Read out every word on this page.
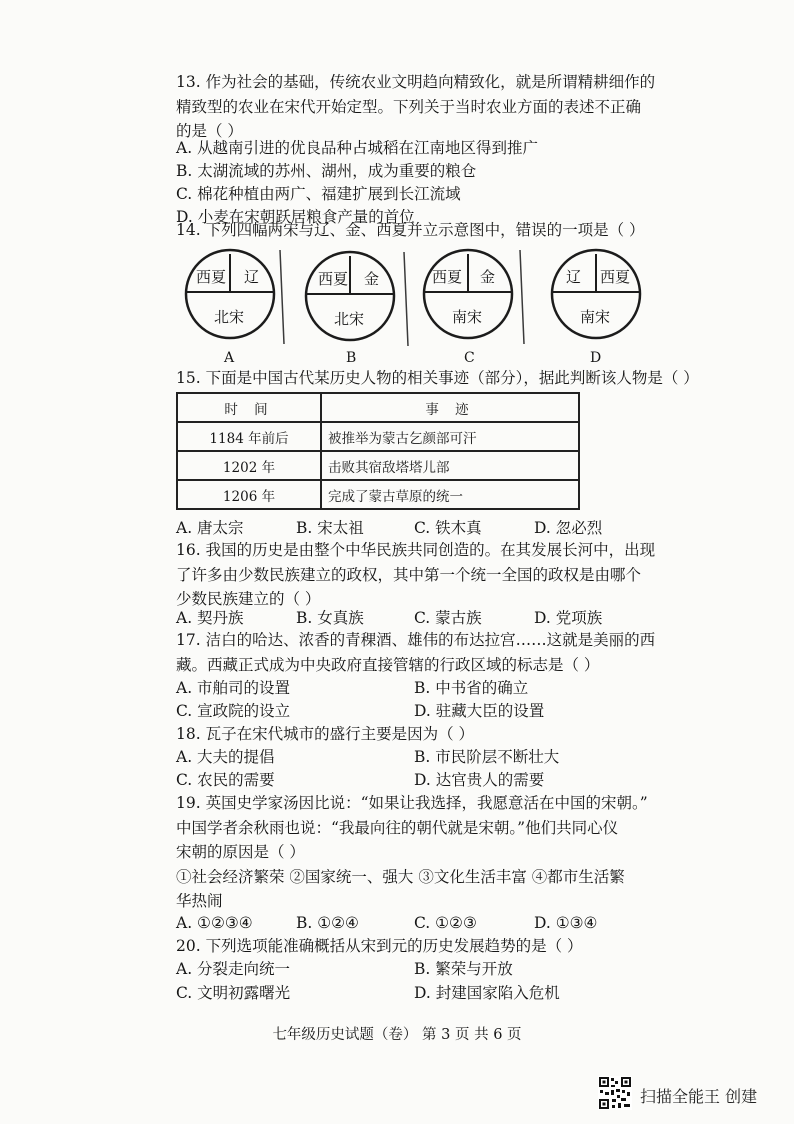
13. 作为社会的基础，传统农业文明趋向精致化，就是所谓精耕细作的
精致型的农业在宋代开始定型。下列关于当时农业方面的表述不正确
的是（ ）
A. 从越南引进的优良品种占城稻在江南地区得到推广
B. 太湖流域的苏州、湖州，成为重要的粮仓
C. 棉花种植由两广、福建扩展到长江流域
D. 小麦在宋朝跃居粮食产量的首位
14. 下列四幅两宋与辽、金、西夏并立示意图中，错误的一项是（ ）
西夏 辽
北宋
A
西夏 金
北宋
B
西夏 金
南宋
C
辽 西夏
南宋
D
15. 下面是中国古代某历史人物的相关事迹（部分），据此判断该人物是（ ）
时 间	事 迹
1184 年前后	被推举为蒙古乞颜部可汗
1202 年	击败其宿敌塔塔儿部
1206 年	完成了蒙古草原的统一
A. 唐太宗	B. 宋太祖	C. 铁木真	D. 忽必烈
16. 我国的历史是由整个中华民族共同创造的。在其发展长河中，出现
了许多由少数民族建立的政权，其中第一个统一全国的政权是由哪个
少数民族建立的（ ）
A. 契丹族	B. 女真族	C. 蒙古族	D. 党项族
17. 洁白的哈达、浓香的青稞酒、雄伟的布达拉宫……这就是美丽的西
藏。西藏正式成为中央政府直接管辖的行政区域的标志是（ ）
A. 市舶司的设置	B. 中书省的确立
C. 宣政院的设立	D. 驻藏大臣的设置
18. 瓦子在宋代城市的盛行主要是因为（ ）
A. 大夫的提倡	B. 市民阶层不断壮大
C. 农民的需要	D. 达官贵人的需要
19. 英国史学家汤因比说：“如果让我选择，我愿意活在中国的宋朝。”
中国学者余秋雨也说：“我最向往的朝代就是宋朝。”他们共同心仪
宋朝的原因是（ ）
①社会经济繁荣 ②国家统一、强大 ③文化生活丰富 ④都市生活繁
华热闹
A. ①②③④	B. ①②④	C. ①②③	D. ①③④
20. 下列选项能准确概括从宋到元的历史发展趋势的是（ ）
A. 分裂走向统一	B. 繁荣与开放
C. 文明初露曙光	D. 封建国家陷入危机
七年级历史试题（卷） 第 3 页 共 6 页
扫描全能王 创建
